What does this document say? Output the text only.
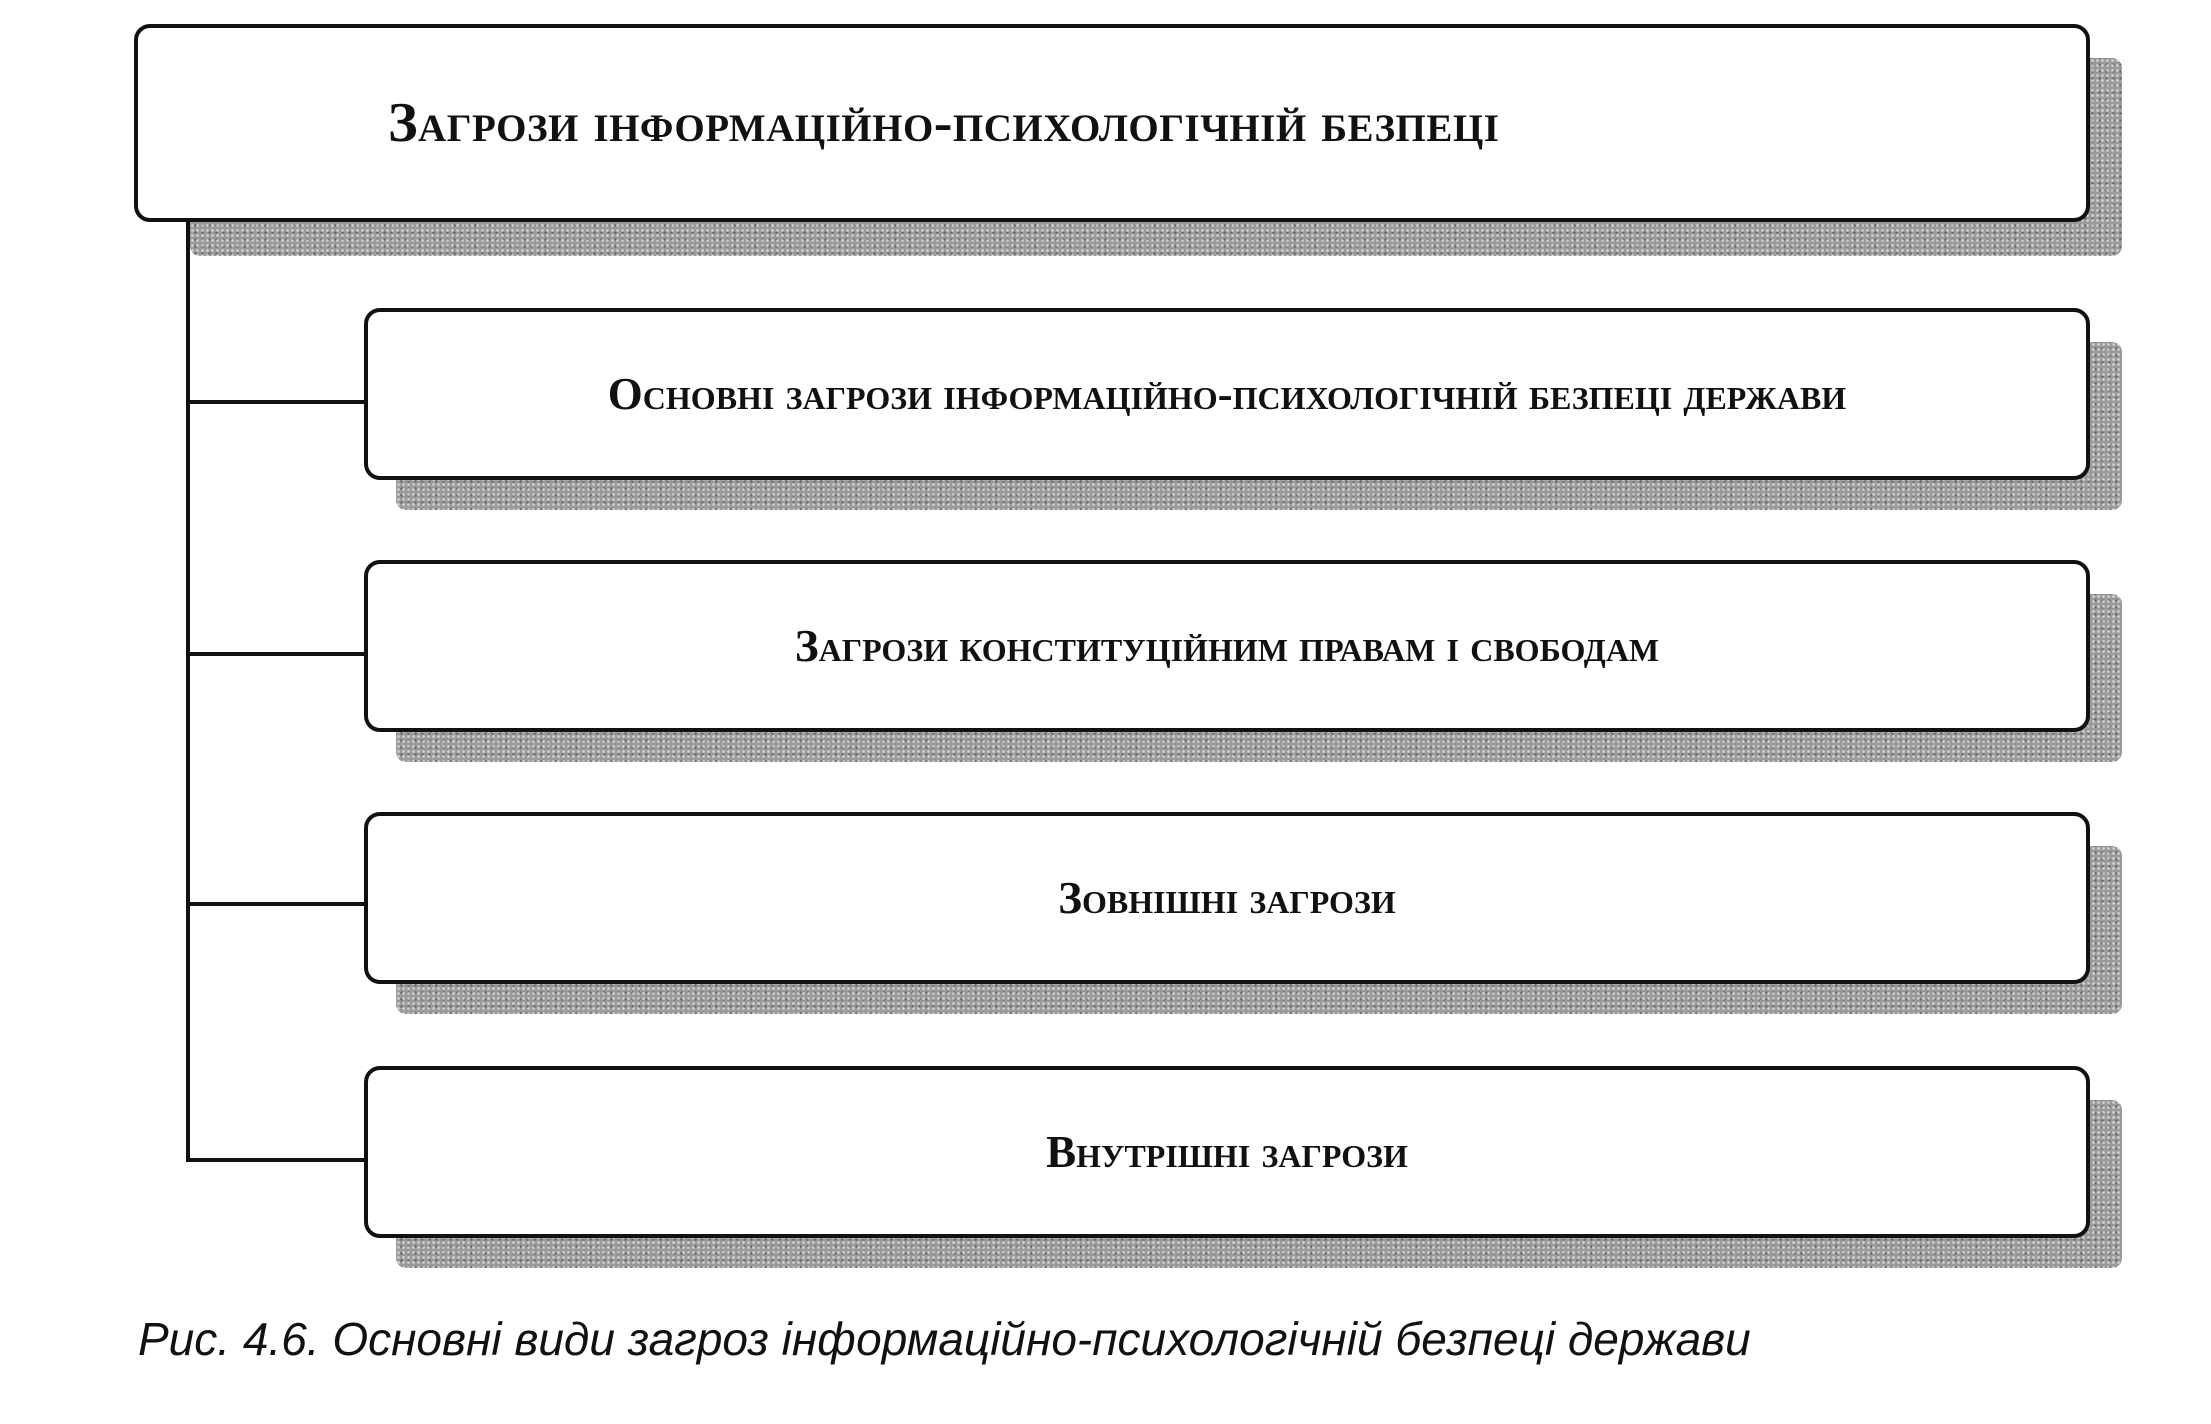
Загрози інформаційно-психологічній безпеці
Основні загрози інформаційно-психологічній безпеці держави
Загрози конституційним правам і свободам
Зовнішні загрози
Внутрішні загрози
Рис. 4.6. Основні види загроз інформаційно-психологічній безпеці держави
